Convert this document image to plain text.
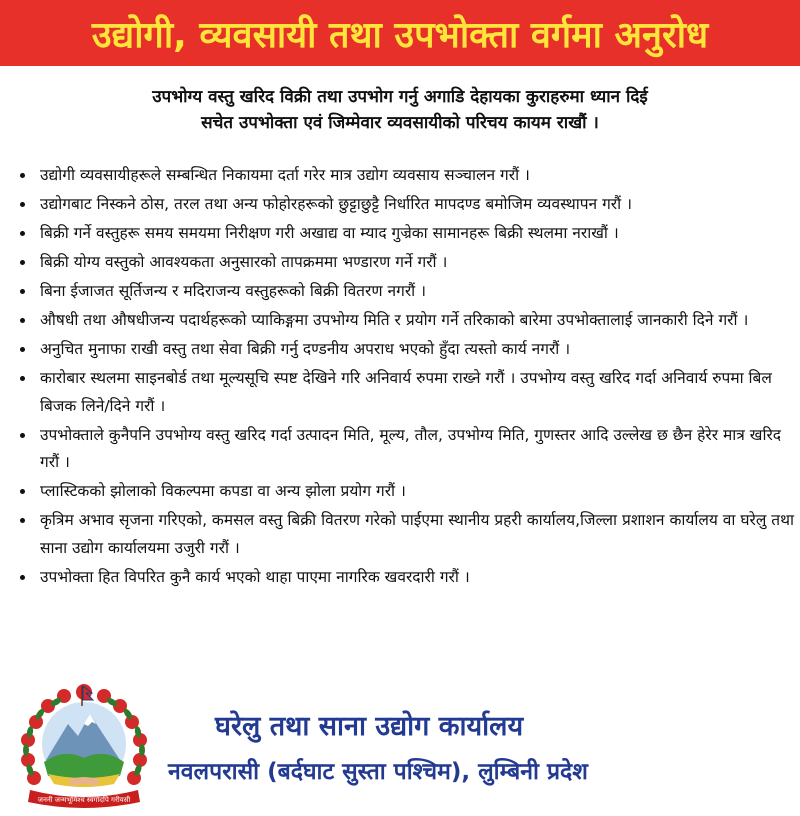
उद्योगी, व्यवसायी तथा उपभोक्ता वर्गमा अनुरोध
उपभोग्य वस्तु खरिद विक्री तथा उपभोग गर्नु अगाडि देहायका कुराहरुमा ध्यान दिई
सचेत उपभोक्ता एवं जिम्मेवार व्यवसायीको परिचय कायम राखौं ।
• उद्योगी व्यवसायीहरूले सम्बन्धित निकायमा दर्ता गरेर मात्र उद्योग व्यवसाय सञ्चालन गरौं ।
• उद्योगबाट निस्कने ठोस, तरल तथा अन्य फोहोरहरूको छुट्टाछुट्टै निर्धारित मापदण्ड बमोजिम व्यवस्थापन गरौं ।
• बिक्री गर्ने वस्तुहरू समय समयमा निरीक्षण गरी अखाद्य वा म्याद गुज्रेका सामानहरू बिक्री स्थलमा नराखौं ।
• बिक्री योग्य वस्तुको आवश्यकता अनुसारको तापक्रममा भण्डारण गर्ने गरौं ।
• बिना ईजाजत सूर्तिजन्य र मदिराजन्य वस्तुहरूको बिक्री वितरण नगरौं ।
• औषधी तथा औषधीजन्य पदार्थहरूको प्याकिङ्गमा उपभोग्य मिति र प्रयोग गर्ने तरिकाको बारेमा उपभोक्तालाई जानकारी दिने गरौं ।
• अनुचित मुनाफा राखी वस्तु तथा सेवा बिक्री गर्नु दण्डनीय अपराध भएको हुँदा त्यस्तो कार्य नगरौं ।
• कारोबार स्थलमा साइनबोर्ड तथा मूल्यसूचि स्पष्ट देखिने गरि अनिवार्य रुपमा राख्ने गरौं । उपभोग्य वस्तु खरिद गर्दा अनिवार्य रुपमा बिल बिजक लिने/दिने गरौं ।
• उपभोक्ताले कुनैपनि उपभोग्य वस्तु खरिद गर्दा उत्पादन मिति, मूल्य, तौल, उपभोग्य मिति, गुणस्तर आदि उल्लेख छ छैन हेरेर मात्र खरिद गरौं ।
• प्लास्टिकको झोलाको विकल्पमा कपडा वा अन्य झोला प्रयोग गरौं ।
• कृत्रिम अभाव सृजना गरिएको, कमसल वस्तु बिक्री वितरण गरेको पाईएमा स्थानीय प्रहरी कार्यालय,जिल्ला प्रशाशन कार्यालय वा घरेलु तथा साना उद्योग कार्यालयमा उजुरी गरौं ।
• उपभोक्ता हित विपरित कुनै कार्य भएको थाहा पाएमा नागरिक खवरदारी गरौं ।
जननी जन्मभूमिश्च स्वर्गादपि गरीयसी
घरेलु तथा साना उद्योग कार्यालय
नवलपरासी (बर्दघाट सुस्ता पश्चिम), लुम्बिनी प्रदेश
